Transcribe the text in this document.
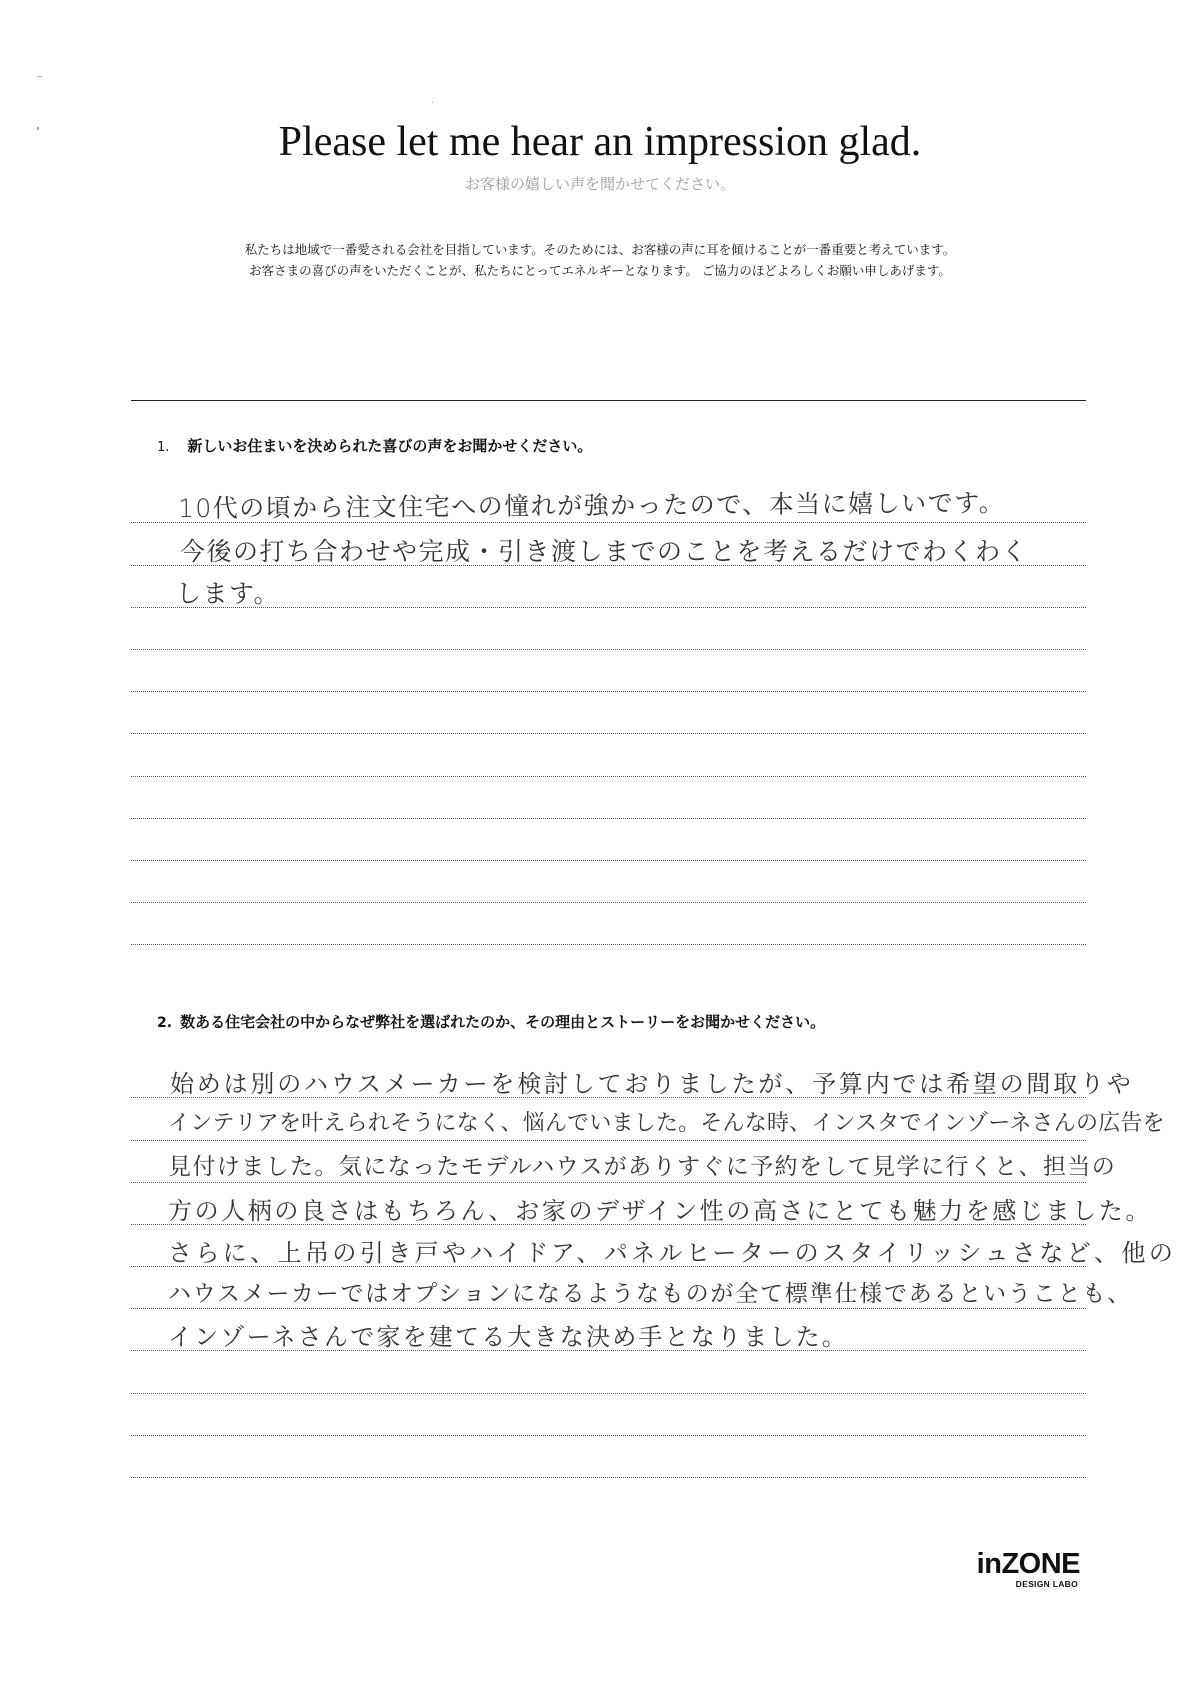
Please let me hear an impression glad.
お客様の嬉しい声を聞かせてください。
私たちは地域で一番愛される会社を目指しています。そのためには、お客様の声に耳を傾けることが一番重要と考えています。
お客さまの喜びの声をいただくことが、私たちにとってエネルギーとなります。 ご協力のほどよろしくお願い申しあげます。
1. 新しいお住まいを決められた喜びの声をお聞かせください。
10代の頃から注文住宅への憧れが強かったので、本当に嬉しいです。
今後の打ち合わせや完成・引き渡しまでのことを考えるだけでわくわく
します。
2. 数ある住宅会社の中からなぜ弊社を選ばれたのか、その理由とストーリーをお聞かせください。
始めは別のハウスメーカーを検討しておりましたが、予算内では希望の間取りや
インテリアを叶えられそうになく、悩んでいました。そんな時、インスタでインゾーネさんの広告を
見付けました。気になったモデルハウスがありすぐに予約をして見学に行くと、担当の
方の人柄の良さはもちろん、お家のデザイン性の高さにとても魅力を感じました。
さらに、上吊の引き戸やハイドア、パネルヒーターのスタイリッシュさなど、他の
ハウスメーカーではオプションになるようなものが全て標準仕様であるということも、
インゾーネさんで家を建てる大きな決め手となりました。
inZONE
DESIGN LABO
